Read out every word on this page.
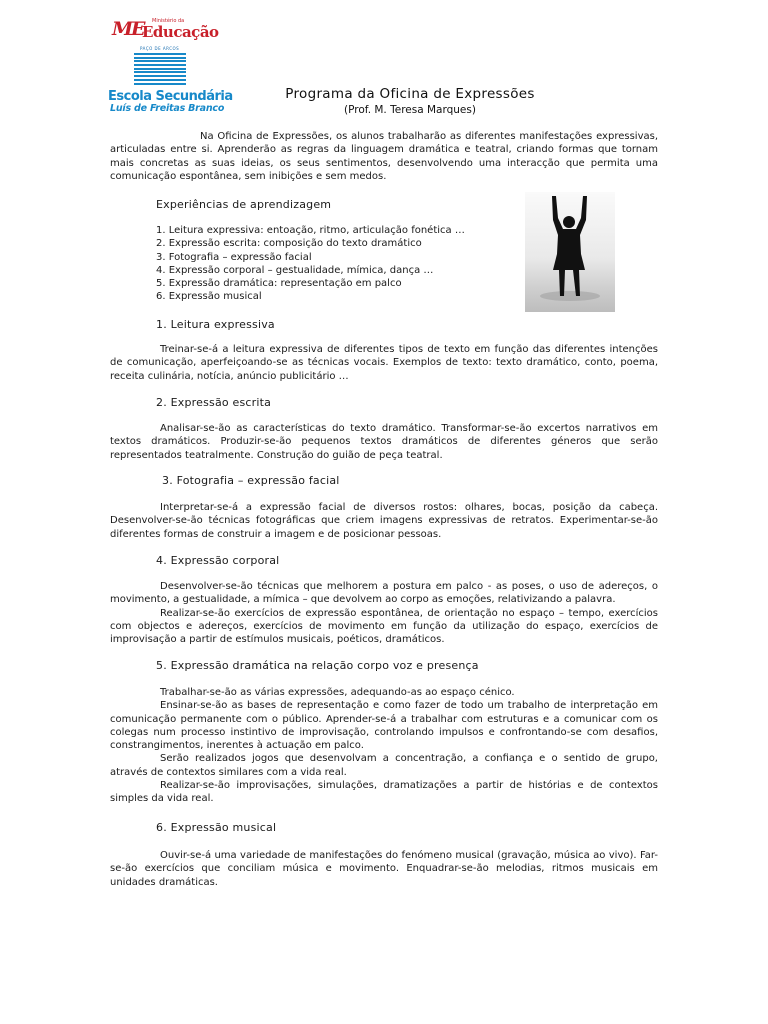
ME Ministério da
Educação
PAÇO DE ARCOS
Escola Secundária
Luís de Freitas Branco
Programa da Oficina de Expressões
(Prof. M. Teresa Marques)

Na Oficina de Expressões, os alunos trabalharão as diferentes manifestações expressivas, articuladas entre si. Aprenderão as regras da linguagem dramática e teatral, criando formas que tornam mais concretas as suas ideias, os seus sentimentos, desenvolvendo uma interacção que permita uma comunicação espontânea, sem inibições e sem medos.

Experiências de aprendizagem
1. Leitura expressiva: entoação, ritmo, articulação fonética …
2. Expressão escrita: composição do texto dramático
3. Fotografia – expressão facial
4. Expressão corporal – gestualidade, mímica, dança …
5. Expressão dramática: representação em palco
6. Expressão musical
1. Leitura expressiva

Treinar-se-á a leitura expressiva de diferentes tipos de texto em função das diferentes intenções de comunicação, aperfeiçoando-se as técnicas vocais. Exemplos de texto: texto dramático, conto, poema, receita culinária, notícia, anúncio publicitário …

2. Expressão escrita

Analisar-se-ão as características do texto dramático. Transformar-se-ão excertos narrativos em textos dramáticos. Produzir-se-ão pequenos textos dramáticos de diferentes géneros que serão representados teatralmente. Construção do guião de peça teatral.

3. Fotografia – expressão facial

Interpretar-se-á a expressão facial de diversos rostos: olhares, bocas, posição da cabeça. Desenvolver-se-ão técnicas fotográficas que criem imagens expressivas de retratos. Experimentar-se-ão diferentes formas de construir a imagem e de posicionar pessoas.

4. Expressão corporal

Desenvolver-se-ão técnicas que melhorem a postura em palco - as poses, o uso de adereços, o movimento, a gestualidade, a mímica – que devolvem ao corpo as emoções, relativizando a palavra.

Realizar-se-ão exercícios de expressão espontânea, de orientação no espaço – tempo, exercícios com objectos e adereços, exercícios de movimento em função da utilização do espaço, exercícios de improvisação a partir de estímulos musicais, poéticos, dramáticos.

5. Expressão dramática na relação corpo voz e presença

Trabalhar-se-ão as várias expressões, adequando-as ao espaço cénico.

Ensinar-se-ão as bases de representação e como fazer de todo um trabalho de interpretação em comunicação permanente com o público. Aprender-se-á a trabalhar com estruturas e a comunicar com os colegas num processo instintivo de improvisação, controlando impulsos e confrontando-se com desafios, constrangimentos, inerentes à actuação em palco.

Serão realizados jogos que desenvolvam a concentração, a confiança e o sentido de grupo, através de contextos similares com a vida real.

Realizar-se-ão improvisações, simulações, dramatizações a partir de histórias e de contextos simples da vida real.

6. Expressão musical

Ouvir-se-á uma variedade de manifestações do fenómeno musical (gravação, música ao vivo). Far-se-ão exercícios que conciliam música e movimento. Enquadrar-se-ão melodias, ritmos musicais em unidades dramáticas.
